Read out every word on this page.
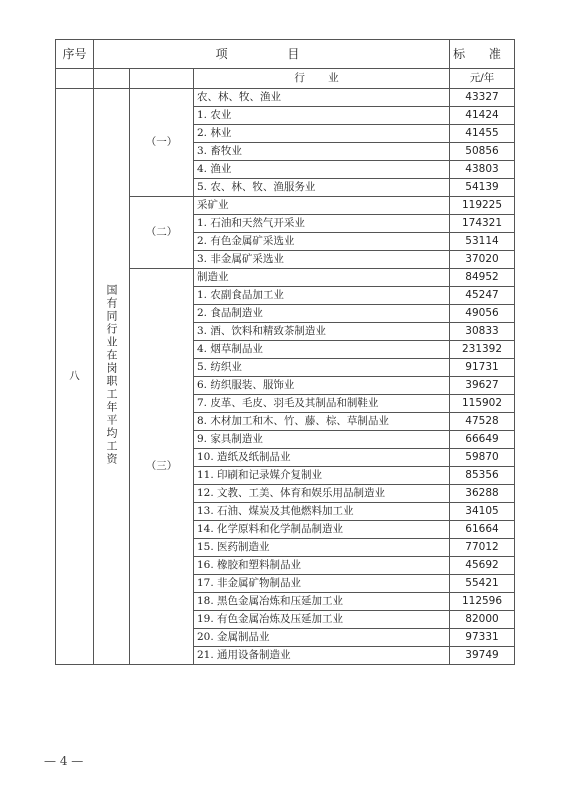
序号	项 目			标 准
			行 业	元/年
八	国有同行业在岗职工年平均工资	（一）	农、林、牧、渔业	43327
			1. 农业	41424
			2. 林业	41455
			3. 畜牧业	50856
			4. 渔业	43803
			5. 农、林、牧、渔服务业	54139
		（二）	采矿业	119225
			1. 石油和天然气开采业	174321
			2. 有色金属矿采选业	53114
			3. 非金属矿采选业	37020
		（三）	制造业	84952
			1. 农副食品加工业	45247
			2. 食品制造业	49056
			3. 酒、饮料和精致茶制造业	30833
			4. 烟草制品业	231392
			5. 纺织业	91731
			6. 纺织服装、服饰业	39627
			7. 皮革、毛皮、羽毛及其制品和制鞋业	115902
			8. 木材加工和木、竹、藤、棕、草制品业	47528
			9. 家具制造业	66649
			10. 造纸及纸制品业	59870
			11. 印刷和记录媒介复制业	85356
			12. 文教、工美、体育和娱乐用品制造业	36288
			13. 石油、煤炭及其他燃料加工业	34105
			14. 化学原料和化学制品制造业	61664
			15. 医药制造业	77012
			16. 橡胶和塑料制品业	45692
			17. 非金属矿物制品业	55421
			18. 黑色金属冶炼和压延加工业	112596
			19. 有色金属冶炼及压延加工业	82000
			20. 金属制品业	97331
			21. 通用设备制造业	39749
— 4 —
